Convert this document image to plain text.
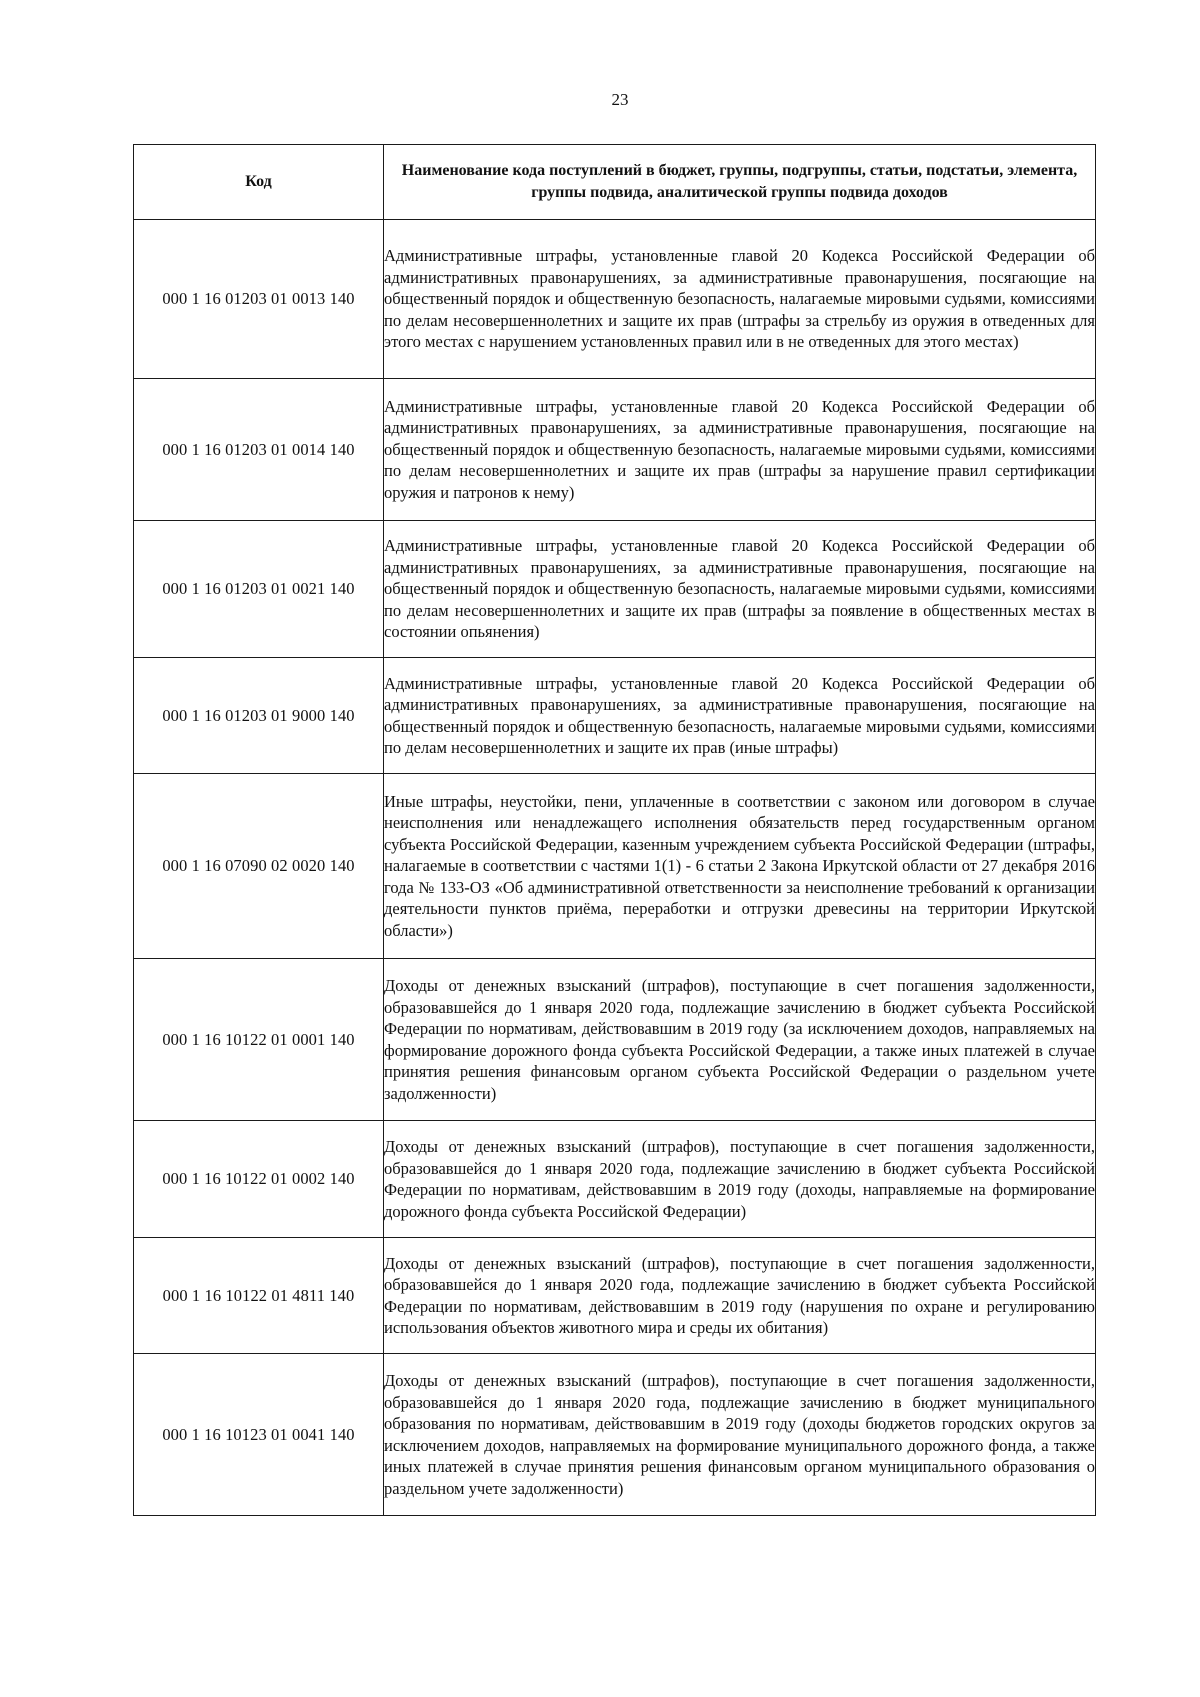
23
Код	Наименование кода поступлений в бюджет, группы, подгруппы, статьи, подстатьи, элемента, группы подвида, аналитической группы подвида доходов
000 1 16 01203 01 0013 140	Административные штрафы, установленные главой 20 Кодекса Российской Федерации об административных правонарушениях, за административные правонарушения, посягающие на общественный порядок и общественную безопасность, налагаемые мировыми судьями, комиссиями по делам несовершеннолетних и защите их прав (штрафы за стрельбу из оружия в отведенных для этого местах с нарушением установленных правил или в не отведенных для этого местах)
000 1 16 01203 01 0014 140	Административные штрафы, установленные главой 20 Кодекса Российской Федерации об административных правонарушениях, за административные правонарушения, посягающие на общественный порядок и общественную безопасность, налагаемые мировыми судьями, комиссиями по делам несовершеннолетних и защите их прав (штрафы за нарушение правил сертификации оружия и патронов к нему)
000 1 16 01203 01 0021 140	Административные штрафы, установленные главой 20 Кодекса Российской Федерации об административных правонарушениях, за административные правонарушения, посягающие на общественный порядок и общественную безопасность, налагаемые мировыми судьями, комиссиями по делам несовершеннолетних и защите их прав (штрафы за появление в общественных местах в состоянии опьянения)
000 1 16 01203 01 9000 140	Административные штрафы, установленные главой 20 Кодекса Российской Федерации об административных правонарушениях, за административные правонарушения, посягающие на общественный порядок и общественную безопасность, налагаемые мировыми судьями, комиссиями по делам несовершеннолетних и защите их прав (иные штрафы)
000 1 16 07090 02 0020 140	Иные штрафы, неустойки, пени, уплаченные в соответствии с законом или договором в случае неисполнения или ненадлежащего исполнения обязательств перед государственным органом субъекта Российской Федерации, казенным учреждением субъекта Российской Федерации (штрафы, налагаемые в соответствии с частями 1(1) - 6 статьи 2 Закона Иркутской области от 27 декабря 2016 года № 133-ОЗ «Об административной ответственности за неисполнение требований к организации деятельности пунктов приёма, переработки и отгрузки древесины на территории Иркутской области»)
000 1 16 10122 01 0001 140	Доходы от денежных взысканий (штрафов), поступающие в счет погашения задолженности, образовавшейся до 1 января 2020 года, подлежащие зачислению в бюджет субъекта Российской Федерации по нормативам, действовавшим в 2019 году (за исключением доходов, направляемых на формирование дорожного фонда субъекта Российской Федерации, а также иных платежей в случае принятия решения финансовым органом субъекта Российской Федерации о раздельном учете задолженности)
000 1 16 10122 01 0002 140	Доходы от денежных взысканий (штрафов), поступающие в счет погашения задолженности, образовавшейся до 1 января 2020 года, подлежащие зачислению в бюджет субъекта Российской Федерации по нормативам, действовавшим в 2019 году (доходы, направляемые на формирование дорожного фонда субъекта Российской Федерации)
000 1 16 10122 01 4811 140	Доходы от денежных взысканий (штрафов), поступающие в счет погашения задолженности, образовавшейся до 1 января 2020 года, подлежащие зачислению в бюджет субъекта Российской Федерации по нормативам, действовавшим в 2019 году (нарушения по охране и регулированию использования объектов животного мира и среды их обитания)
000 1 16 10123 01 0041 140	Доходы от денежных взысканий (штрафов), поступающие в счет погашения задолженности, образовавшейся до 1 января 2020 года, подлежащие зачислению в бюджет муниципального образования по нормативам, действовавшим в 2019 году (доходы бюджетов городских округов за исключением доходов, направляемых на формирование муниципального дорожного фонда, а также иных платежей в случае принятия решения финансовым органом муниципального образования о раздельном учете задолженности)
